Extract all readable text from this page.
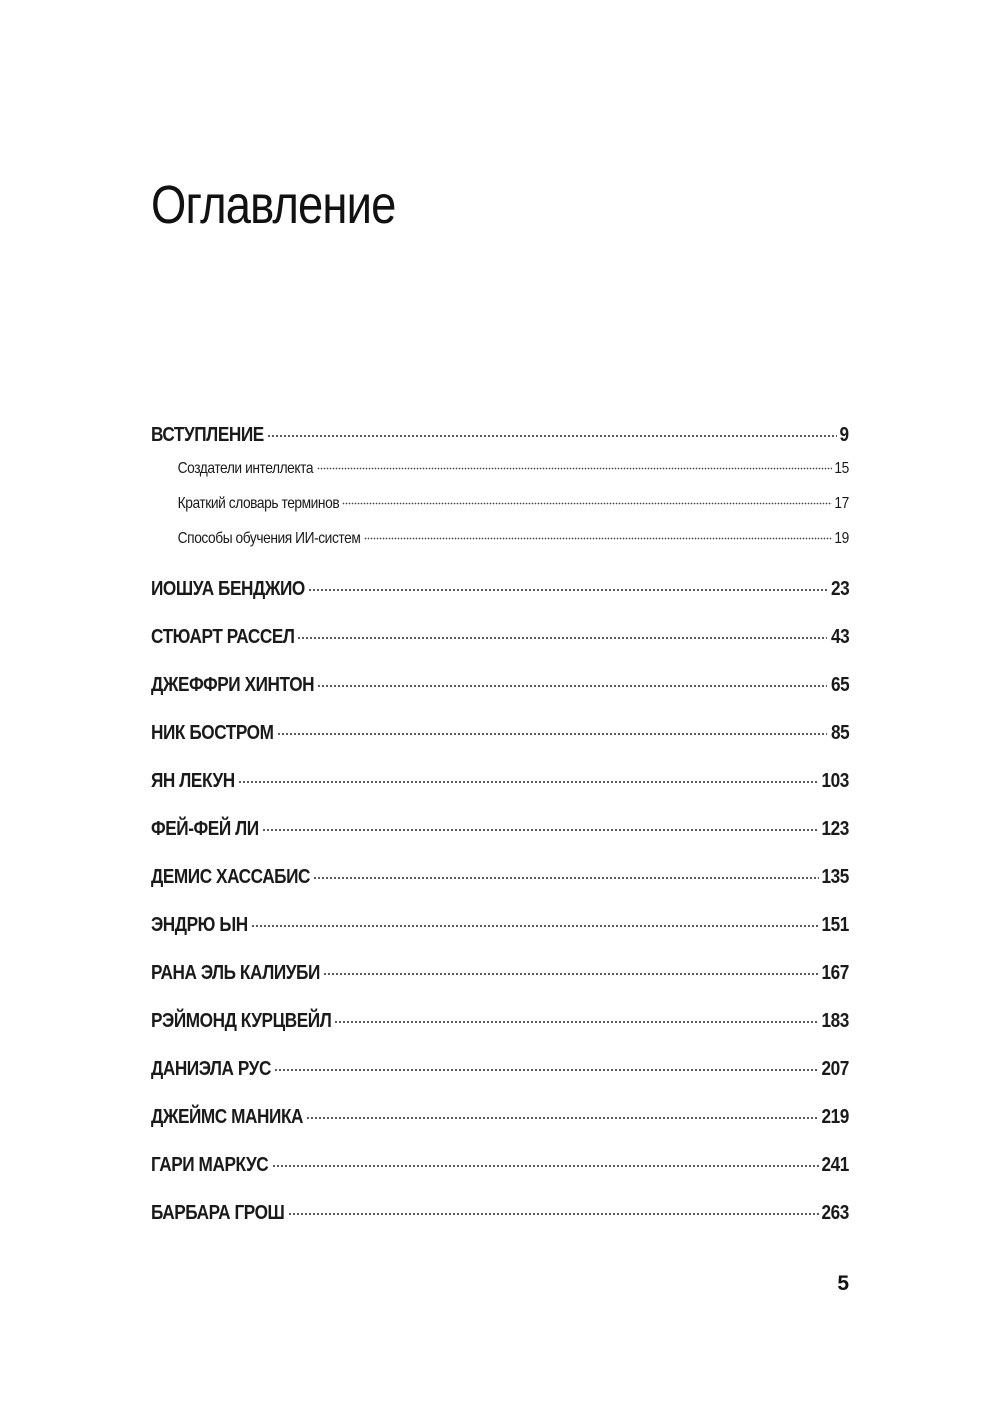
Оглавление
ВСТУПЛЕНИЕ	9
Создатели интеллекта	15
Краткий словарь терминов	17
Способы обучения ИИ-систем	19
ИОШУА БЕНДЖИО	23
СТЮАРТ РАССЕЛ	43
ДЖЕФФРИ ХИНТОН	65
НИК БОСТРОМ	85
ЯН ЛЕКУН	103
ФЕЙ-ФЕЙ ЛИ	123
ДЕМИС ХАССАБИС	135
ЭНДРЮ ЫН	151
РАНА ЭЛЬ КАЛИУБИ	167
РЭЙМОНД КУРЦВЕЙЛ	183
ДАНИЭЛА РУС	207
ДЖЕЙМС МАНИКА	219
ГАРИ МАРКУС	241
БАРБАРА ГРОШ	263
5
